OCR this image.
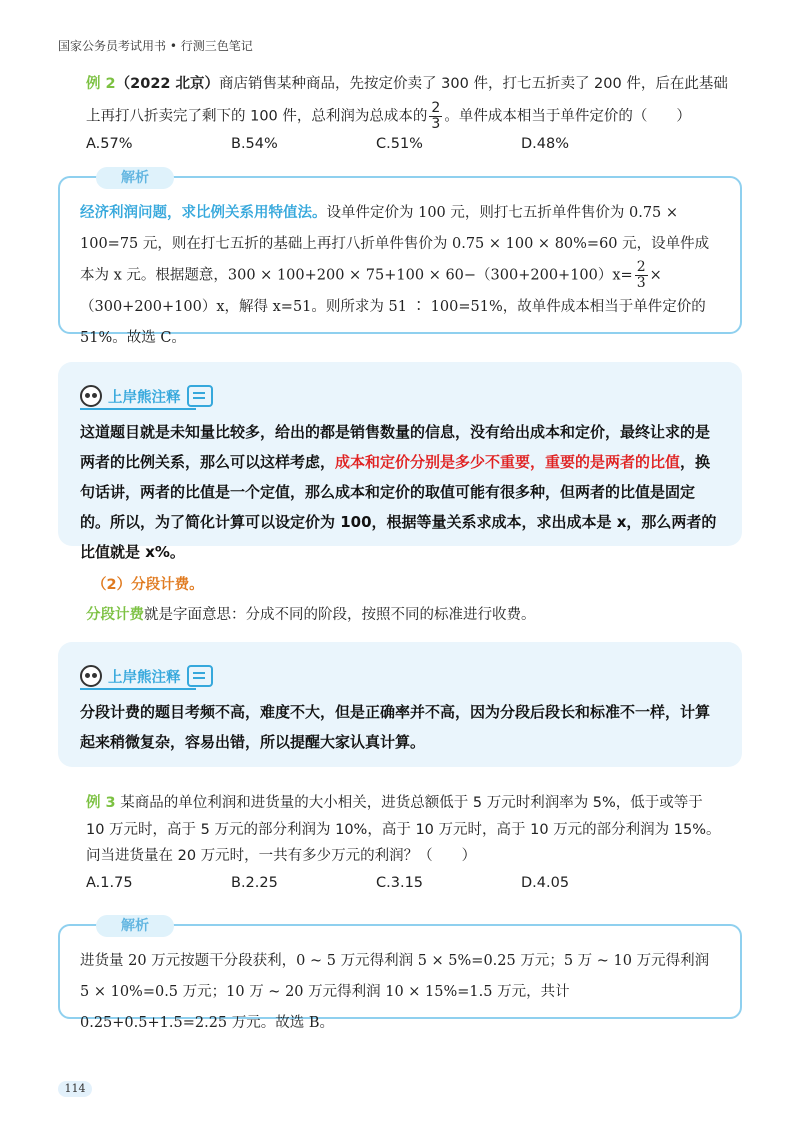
国家公务员考试用书 • 行测三色笔记
例 2（2022 北京）商店销售某种商品，先按定价卖了 300 件，打七五折卖了 200 件，后在此基础
上再打八折卖完了剩下的 100 件，总利润为总成本的 $\frac{2}{3}$ 。单件成本相当于单件定价的（　　）
A.57%	B.54%	C.51%	D.48%
解析
经济利润问题，求比例关系用特值法。设单件定价为 100 元，则打七五折单件售价为 0.75 × 100=75 元，则在打七五折的基础上再打八折单件售价为 0.75 × 100 × 80%=60 元，设单件成本为 x 元。根据题意，$300 \times 100+200 \times 75+100 \times 60-(300+200+100)x= \frac{2}{3} \times(300+200+100)x$，解得 x=51。则所求为 51 ∶ 100=51%，故单件成本相当于单件定价的 51%。故选 C。
上岸熊注释
这道题目就是未知量比较多，给出的都是销售数量的信息，没有给出成本和定价，最终让求的是两者的比例关系，那么可以这样考虑，成本和定价分别是多少不重要，重要的是两者的比值，换句话讲，两者的比值是一个定值，那么成本和定价的取值可能有很多种，但两者的比值是固定的。所以，为了简化计算可以设定价为 100，根据等量关系求成本，求出成本是 x，那么两者的比值就是 x%。
（2）分段计费。
分段计费就是字面意思：分成不同的阶段，按照不同的标准进行收费。
上岸熊注释
分段计费的题目考频不高，难度不大，但是正确率并不高，因为分段后段长和标准不一样，计算起来稍微复杂，容易出错，所以提醒大家认真计算。
例 3 某商品的单位利润和进货量的大小相关，进货总额低于 5 万元时利润率为 5%，低于或等于
10 万元时，高于 5 万元的部分利润为 10%，高于 10 万元时，高于 10 万元的部分利润为 15%。
问当进货量在 20 万元时，一共有多少万元的利润？（　　）
A.1.75	B.2.25	C.3.15	D.4.05
解析
进货量 20 万元按题干分段获利，0 ~ 5 万元得利润 5 × 5%=0.25 万元；5 万 ~ 10 万元得利润 5 × 10%=0.5 万元；10 万 ~ 20 万元得利润 10 × 15%=1.5 万元，共计 0.25+0.5+1.5=2.25 万元。故选 B。
114
